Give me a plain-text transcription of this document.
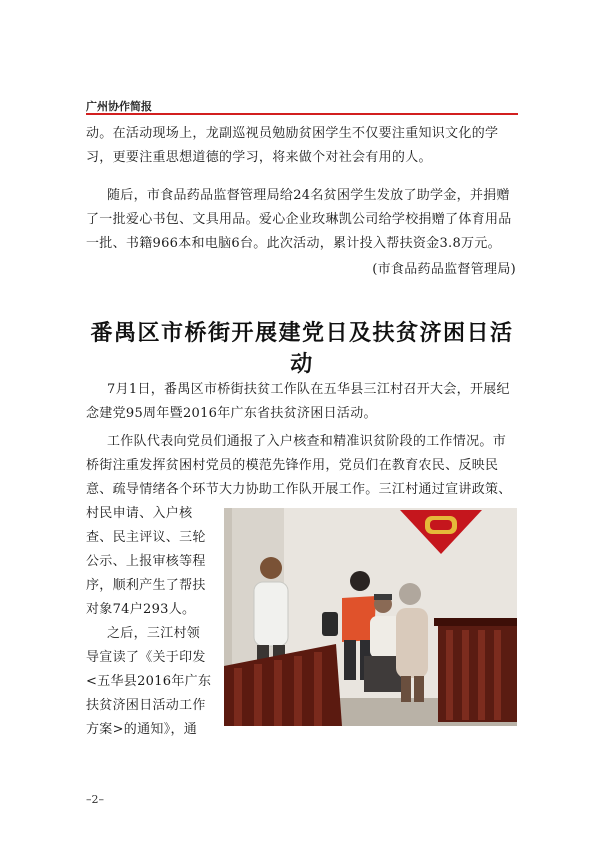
广州协作简报

动。在活动现场上，龙副巡视员勉励贫困学生不仅要注重知识文化的学
习，更要注重思想道德的学习，将来做个对社会有用的人。

随后，市食品药品监督管理局给24名贫困学生发放了助学金，并捐赠
了一批爱心书包、文具用品。爱心企业玫琳凯公司给学校捐赠了体育用品
一批、书籍966本和电脑6台。此次活动，累计投入帮扶资金3.8万元。

(市食品药品监督管理局)
番禺区市桥街开展建党日及扶贫济困日活动

7月1日，番禺区市桥街扶贫工作队在五华县三江村召开大会，开展纪
念建党95周年暨2016年广东省扶贫济困日活动。

工作队代表向党员们通报了入户核查和精准识贫阶段的工作情况。市
桥街注重发挥贫困村党员的模范先锋作用，党员们在教育农民、反映民
意、疏导情绪各个环节大力协助工作队开展工作。三江村通过宣讲政策、

村民申请、入户核
查、民主评议、三轮
公示、上报审核等程
序，顺利产生了帮扶
对象74户293人。

之后，三江村领
导宣读了《关于印发
<五华县2016年广东
扶贫济困日活动工作
方案>的通知》，通

–2–
